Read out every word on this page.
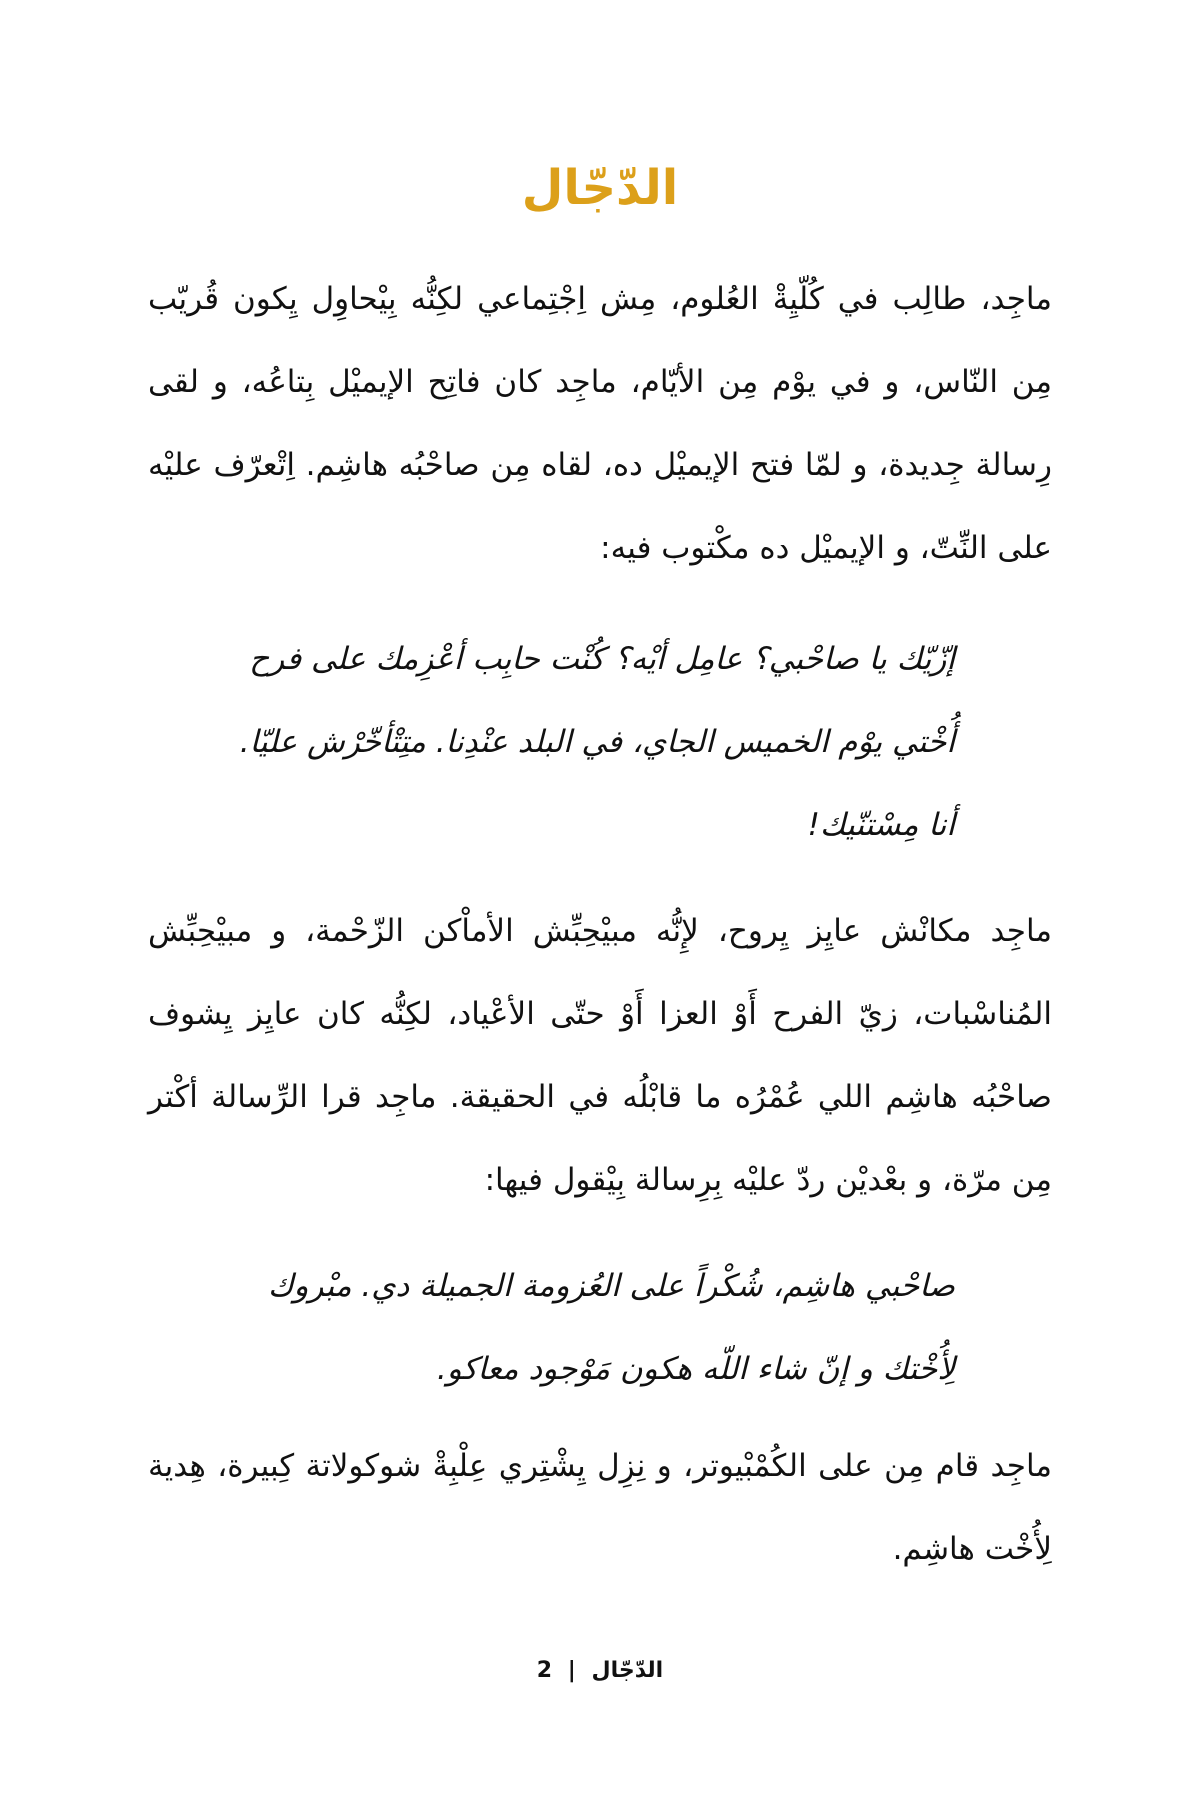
الدجال

ماجد، طالب في كلية العلوم، مش اجتماعي لكنه بيحاول يكون قريب من الناس، و في يوم من الأيام، ماجد كان فاتح الإيميل بتاعه، و لقى رسالة جديدة، و لما فتح الإيميل ده، لقاه من صاحبه هاشم. اتعرف عليه على النت، و الإيميل ده مكتوب فيه:

إزيك يا صاحبي؟ عامل أيه؟ كنت حابب أعزمك على فرح أختي يوم الخميس الجاي، في البلد عندنا. متتأخرش عليا. أنا مستنيك!

ماجد مكانش عايز يروح، لإنه مبيحبش الأماكن الزحمة، و مبيحبش المناسبات، زي الفرح أو العزا أو حتى الأعياد، لكنه كان عايز يشوف صاحبه هاشم اللي عمره ما قابله في الحقيقة. ماجد قرا الرسالة أكتر من مرة، و بعدين رد عليه برسالة بيقول فيها:

صاحبي هاشم، شكرا على العزومة الجميلة دي. مبروك لختك و إن شاء الله هكون موجود معاكو.

ماجد قام من على الكمبيوتر، و نزل يشتري علبة شوكولاتة كبيرة، هدية لخت هاشم.

الدجال | 2
